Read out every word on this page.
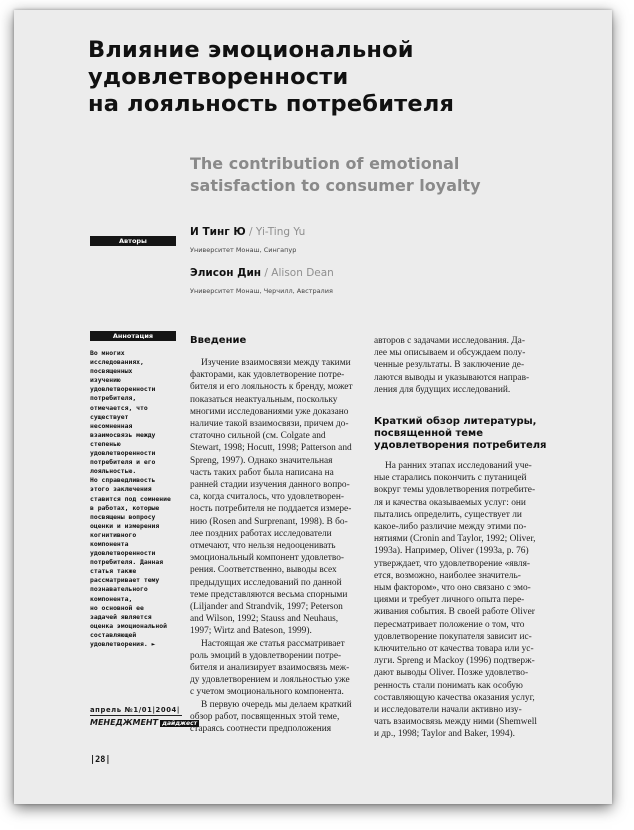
Влияние эмоциональной
удовлетворенности
на лояльность потребителя
The contribution of emotional
satisfaction to consumer loyalty
Авторы
И Тинг Ю / Yi-Ting Yu
Университет Монаш, Сингапур
Элисон Дин / Alison Dean
Университет Монаш, Черчилл, Австралия
Аннотация
Во многих
исследованиях,
посвященных
изучению
удовлетворенности
потребителя,
отмечается, что
существует
несомненная
взаимосвязь между
степенью
удовлетворенности
потребителя и его
лояльностью.
Но справедливость
этого заключения
ставится под сомнение
в работах, которые
посвящены вопросу
оценки и измерения
когнитивного
компонента
удовлетворенности
потребителя. Данная
статья также
рассматривает тему
познавательного
компонента,
но основной ее
задачей является
оценка эмоциональной
составляющей
удовлетворения. ►
апрель №1/01|2004|
МЕНЕДЖМЕНТ дайджест
|28|
Введение
Изучение взаимосвязи между такими
факторами, как удовлетворение потре-
бителя и его лояльность к бренду, может
показаться неактуальным, поскольку
многими исследованиями уже доказано
наличие такой взаимосвязи, причем до-
статочно сильной (см. Colgate and
Stewart, 1998; Hocutt, 1998; Patterson and
Spreng, 1997). Однако значительная
часть таких работ была написана на
ранней стадии изучения данного вопро-
са, когда считалось, что удовлетворен-
ность потребителя не поддается измере-
нию (Rosen and Surprenant, 1998). В бо-
лее поздних работах исследователи
отмечают, что нельзя недооценивать
эмоциональный компонент удовлетво-
рения. Соответственно, выводы всех
предыдущих исследований по данной
теме представляются весьма спорными
(Liljander and Strandvik, 1997; Peterson
and Wilson, 1992; Stauss and Neuhaus,
1997; Wirtz and Bateson, 1999).
Настоящая же статья рассматривает
роль эмоций в удовлетворении потре-
бителя и анализирует взаимосвязь меж-
ду удовлетворением и лояльностью уже
с учетом эмоционального компонента.
В первую очередь мы делаем краткий
обзор работ, посвященных этой теме,
стараясь соотнести предположения
авторов с задачами исследования. Да-
лее мы описываем и обсуждаем полу-
ченные результаты. В заключение де-
лаются выводы и указываются направ-
ления для будущих исследований.
Краткий обзор литературы,
посвященной теме
удовлетворения потребителя
На ранних этапах исследований уче-
ные старались покончить с путаницей
вокруг темы удовлетворения потребите-
ля и качества оказываемых услуг: они
пытались определить, существует ли
какое-либо различие между этими по-
нятиями (Cronin and Taylor, 1992; Oliver,
1993a). Например, Oliver (1993a, p. 76)
утверждает, что удовлетворение «явля-
ется, возможно, наиболее значитель-
ным фактором», что оно связано с эмо-
циями и требует личного опыта пере-
живания события. В своей работе Oliver
пересматривает положение о том, что
удовлетворение покупателя зависит ис-
ключительно от качества товара или ус-
луги. Spreng и Mackoy (1996) подтверж-
дают выводы Oliver. Позже удовлетво-
ренность стали понимать как особую
составляющую качества оказания услуг,
и исследователи начали активно изу-
чать взаимосвязь между ними (Shemwell
и др., 1998; Taylor and Baker, 1994).
